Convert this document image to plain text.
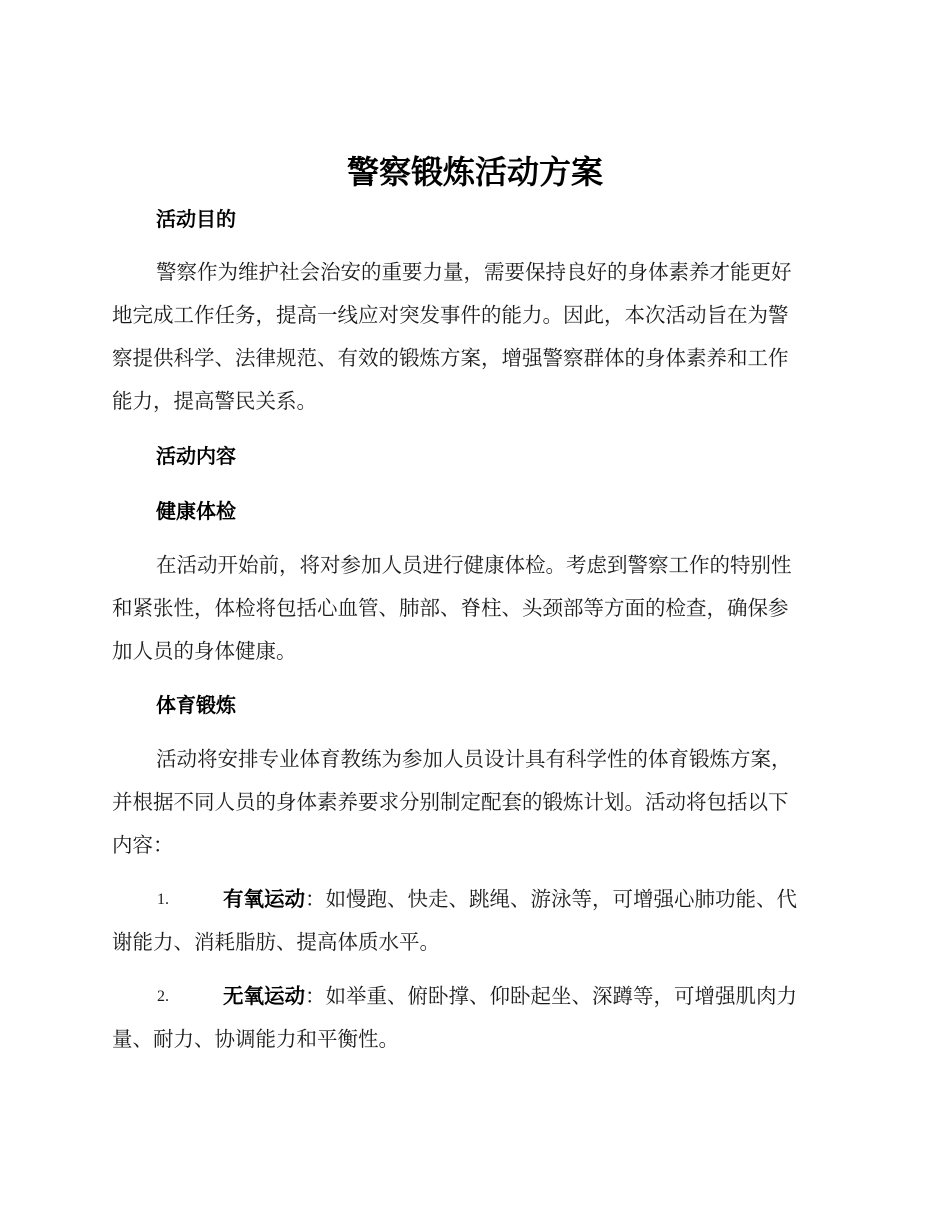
警察锻炼活动方案
活动目的

警察作为维护社会治安的重要力量，需要保持良好的身体素养才能更好
地完成工作任务，提高一线应对突发事件的能力。因此，本次活动旨在为警
察提供科学、法律规范、有效的锻炼方案，增强警察群体的身体素养和工作
能力，提高警民关系。

活动内容
健康体检

在活动开始前，将对参加人员进行健康体检。考虑到警察工作的特别性
和紧张性，体检将包括心血管、肺部、脊柱、头颈部等方面的检查，确保参
加人员的身体健康。

体育锻炼

活动将安排专业体育教练为参加人员设计具有科学性的体育锻炼方案，
并根据不同人员的身体素养要求分别制定配套的锻炼计划。活动将包括以下
内容：

1.	有氧运动：如慢跑、快走、跳绳、游泳等，可增强心肺功能、代
谢能力、消耗脂肪、提高体质水平。
2.	无氧运动：如举重、俯卧撑、仰卧起坐、深蹲等，可增强肌肉力
量、耐力、协调能力和平衡性。
